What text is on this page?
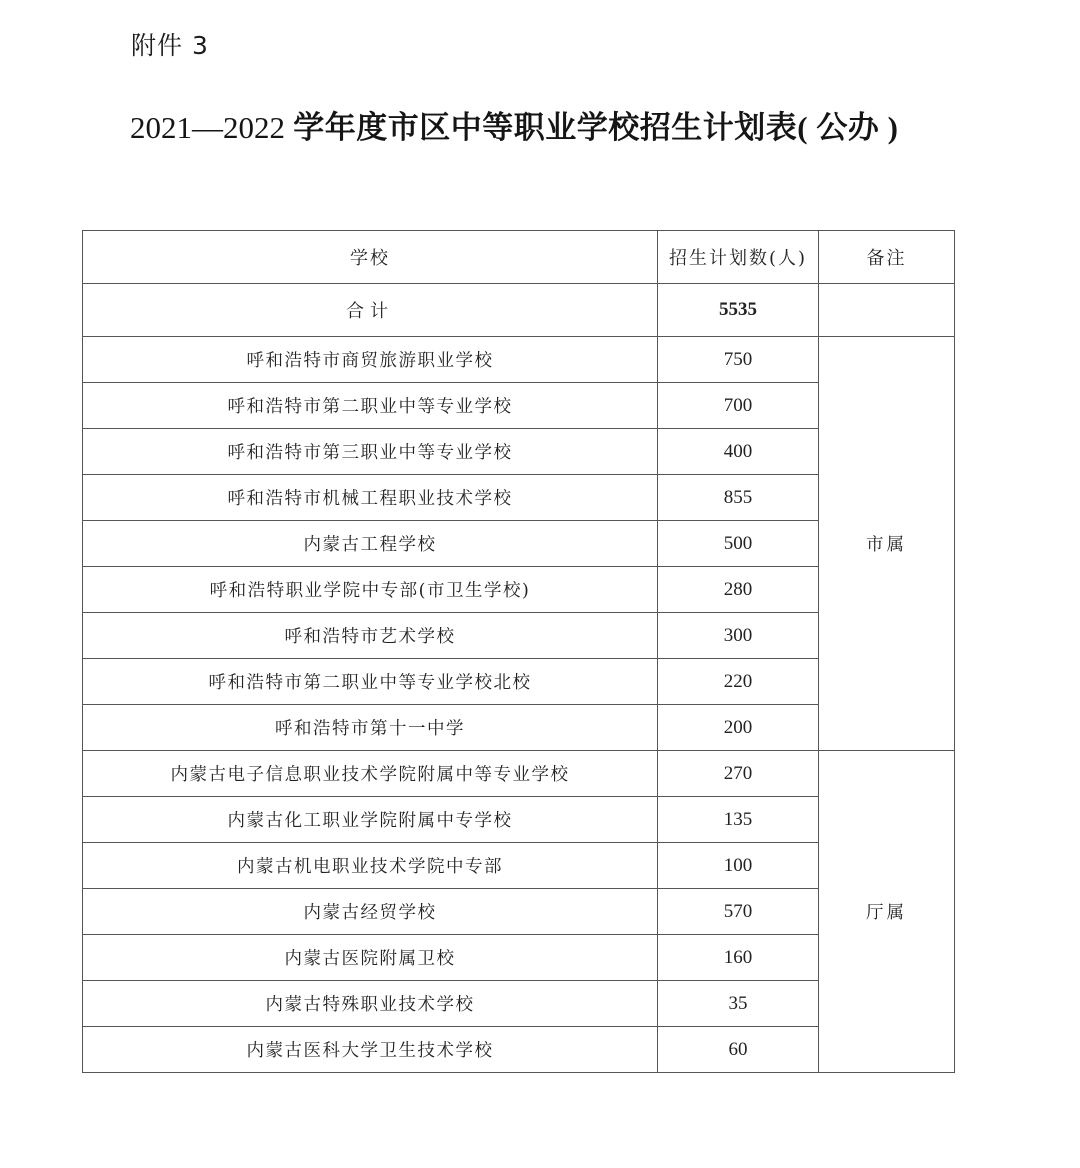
附件 3
2021—2022 学年度市区中等职业学校招生计划表( 公办 )
学校	招生计划数(人)	备注
合计	5535	
呼和浩特市商贸旅游职业学校	750	市属
呼和浩特市第二职业中等专业学校	700	
呼和浩特市第三职业中等专业学校	400	
呼和浩特市机械工程职业技术学校	855	
内蒙古工程学校	500	
呼和浩特职业学院中专部(市卫生学校)	280	
呼和浩特市艺术学校	300	
呼和浩特市第二职业中等专业学校北校	220	
呼和浩特市第十一中学	200	
内蒙古电子信息职业技术学院附属中等专业学校	270	厅属
内蒙古化工职业学院附属中专学校	135	
内蒙古机电职业技术学院中专部	100	
内蒙古经贸学校	570	
内蒙古医院附属卫校	160	
内蒙古特殊职业技术学校	35	
内蒙古医科大学卫生技术学校	60	
